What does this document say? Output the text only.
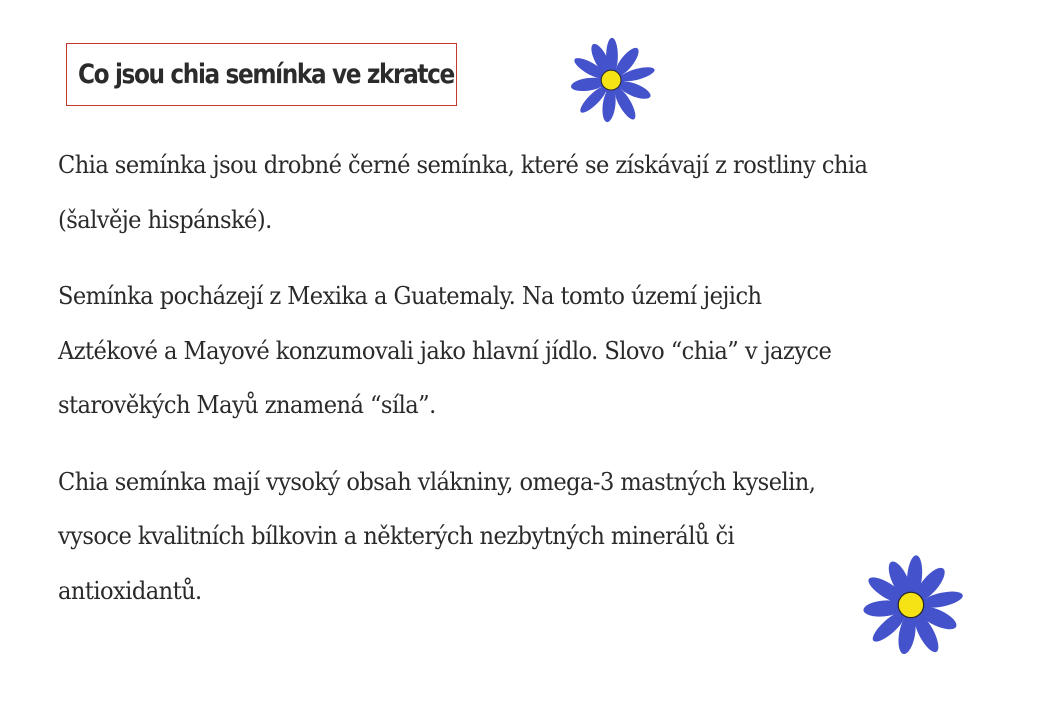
Co jsou chia semínka ve zkratce
Chia semínka jsou drobné černé semínka, které se získávají z rostliny chia
(šalvěje hispánské).
Semínka pocházejí z Mexika a Guatemaly. Na tomto území jejich
Aztékové a Mayové konzumovali jako hlavní jídlo. Slovo “chia” v jazyce
starověkých Mayů znamená “síla”.
Chia semínka mají vysoký obsah vlákniny, omega-3 mastných kyselin,
vysoce kvalitních bílkovin a některých nezbytných minerálů či
antioxidantů.
